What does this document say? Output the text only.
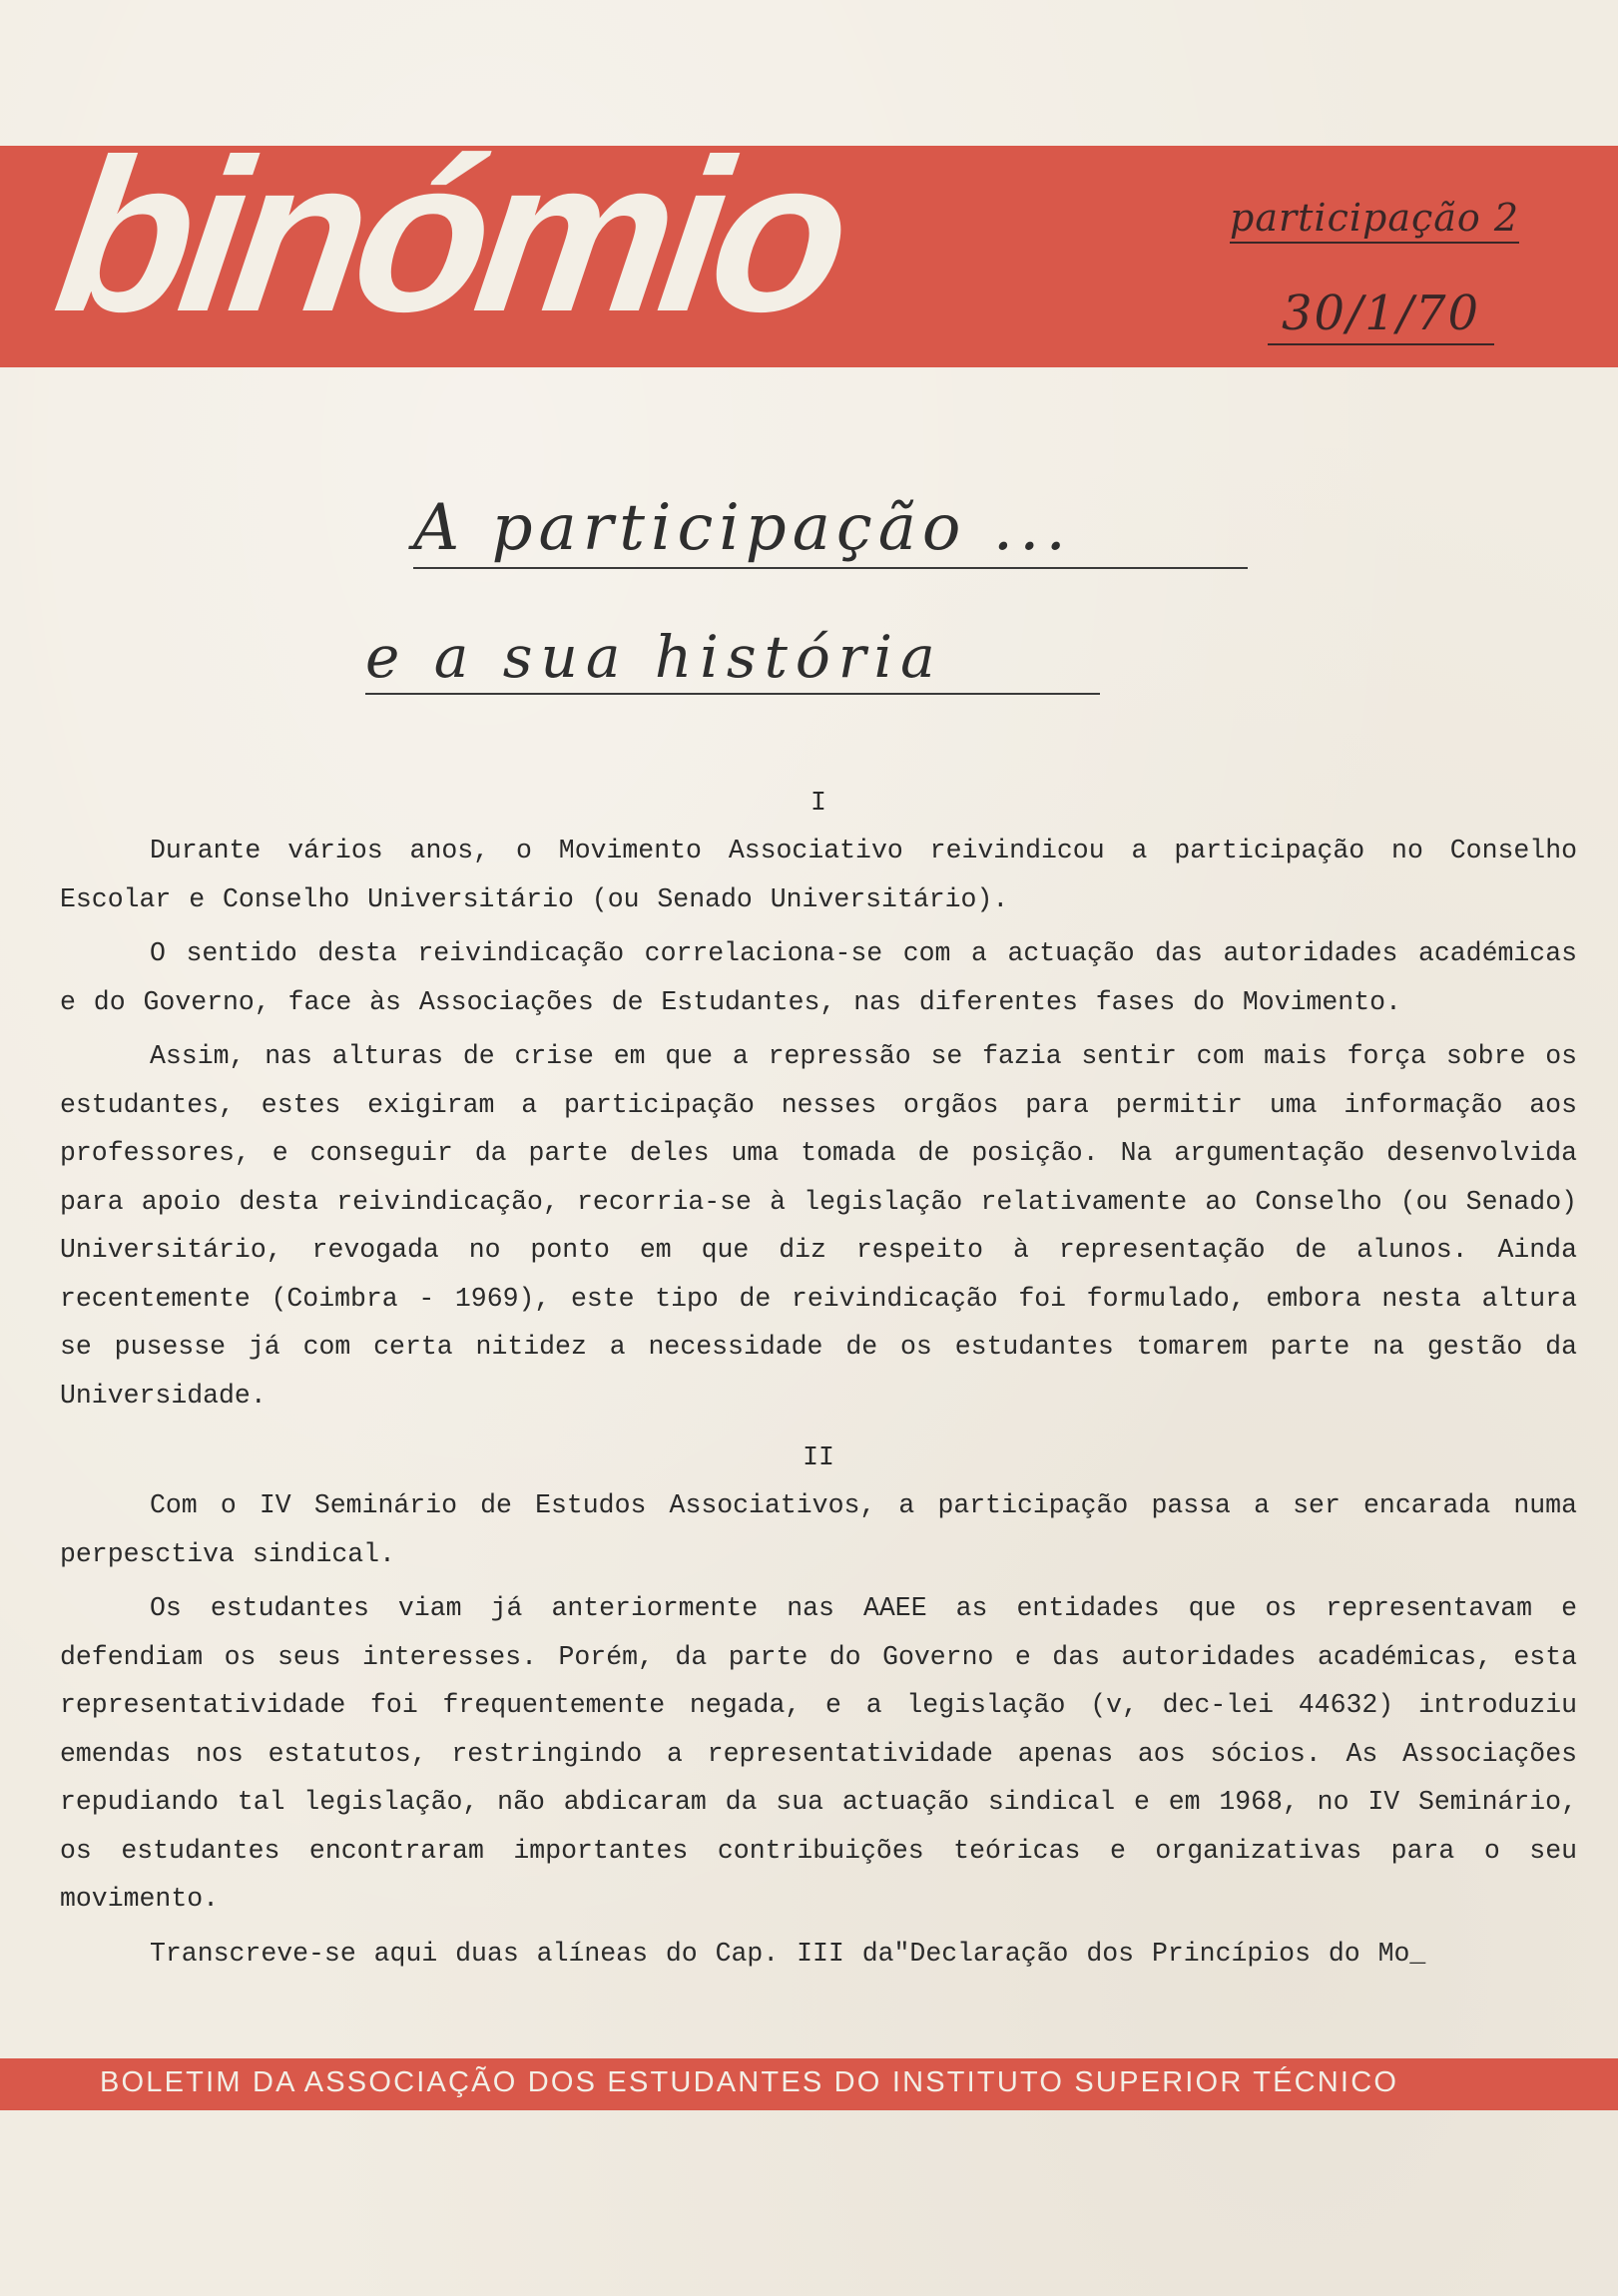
binómio	participação 2
30/1/70
A participação ...
e a sua história

I

Durante vários anos, o Movimento Associativo reivindicou a participação no Conselho Escolar e Conselho Universitário (ou Senado Universitário).

O sentido desta reivindicação correlaciona-se com a actuação das autoridades académicas e do Governo, face às Associações de Estudantes, nas diferentes fases do Movimento.

Assim, nas alturas de crise em que a repressão se fazia sentir com mais força sobre os estudantes, estes exigiram a participação nesses orgãos para permitir uma informação aos professores, e conseguir da parte deles uma tomada de posição. Na argumentação desenvolvida para apoio desta reivindicação, recorria-se à legislação relativamente ao Conselho (ou Senado) Universitário, revogada no ponto em que diz respeito à representação de alunos. Ainda recentemente (Coimbra - 1969), este tipo de reivindicação foi formulado, embora nesta altura se pusesse já com certa nitidez a necessidade de os estudantes tomarem parte na gestão da Universidade.

II

Com o IV Seminário de Estudos Associativos, a participação passa a ser encarada numa perpesctiva sindical.

Os estudantes viam já anteriormente nas AAEE as entidades que os representavam e defendiam os seus interesses. Porém, da parte do Governo e das autoridades académicas, esta representatividade foi frequentemente negada, e a legislação (v, dec-lei 44632) introduziu emendas nos estatutos, restringindo a representatividade apenas aos sócios. As Associações repudiando tal legislação, não abdicaram da sua actuação sindical e em 1968, no IV Seminário, os estudantes encontraram importantes contribuições teóricas e organizativas para o seu movimento.

Transcreve-se aqui duas alíneas do Cap. III da"Declaração dos Princípios do Mo_

BOLETIM DA ASSOCIAÇÃO DOS ESTUDANTES DO INSTITUTO SUPERIOR TÉCNICO
